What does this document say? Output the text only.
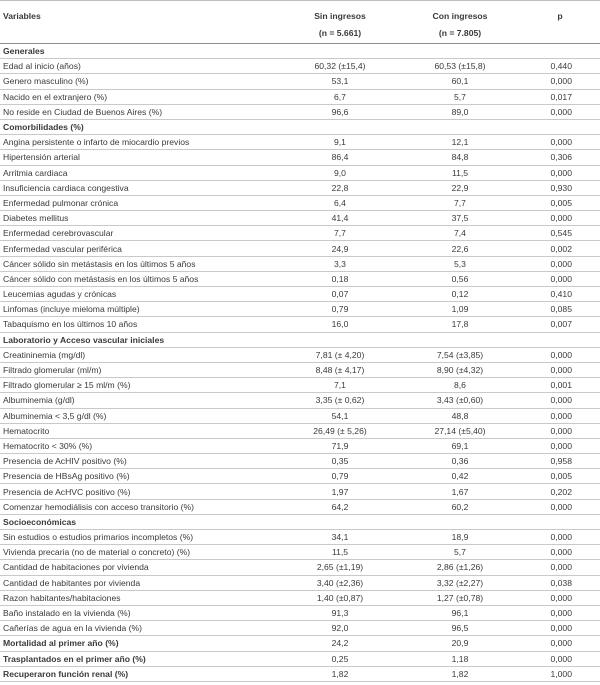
Variables	Sin ingresos	Con ingresos	p
	(n = 5.661)	(n = 7.805)	
Generales			
Edad al inicio (años)	60,32 (±15,4)	60,53 (±15,8)	0,440
Genero masculino (%)	53,1	60,1	0,000
Nacido en el extranjero (%)	6,7	5,7	0,017
No reside en Ciudad de Buenos Aires (%)	96,6	89,0	0,000
Comorbilidades (%)			
Angina persistente o infarto de miocardio previos	9,1	12,1	0,000
Hipertensión arterial	86,4	84,8	0,306
Arritmia cardiaca	9,0	11,5	0,000
Insuficiencia cardiaca congestiva	22,8	22,9	0,930
Enfermedad pulmonar crónica	6,4	7,7	0,005
Diabetes mellitus	41,4	37,5	0,000
Enfermedad cerebrovascular	7,7	7,4	0,545
Enfermedad vascular periférica	24,9	22,6	0,002
Cáncer sólido sin metástasis en los últimos 5 años	3,3	5,3	0,000
Cáncer sólido con metástasis en los últimos 5 años	0,18	0,56	0,000
Leucemias agudas y crónicas	0,07	0,12	0,410
Linfomas (incluye mieloma múltiple)	0,79	1,09	0,085
Tabaquismo en los últimos 10 años	16,0	17,8	0,007
Laboratorio y Acceso vascular iniciales			
Creatininemia (mg/dl)	7,81 (± 4,20)	7,54 (±3,85)	0,000
Filtrado glomerular (ml/m)	8,48 (± 4,17)	8,90 (±4,32)	0,000
Filtrado glomerular ≥ 15 ml/m (%)	7,1	8,6	0,001
Albuminemia (g/dl)	3,35 (± 0,62)	3,43 (±0,60)	0,000
Albuminemia < 3,5 g/dl (%)	54,1	48,8	0,000
Hematocrito	26,49 (± 5,26)	27,14 (±5,40)	0,000
Hematocrito < 30% (%)	71,9	69,1	0,000
Presencia de AcHIV positivo (%)	0,35	0,36	0,958
Presencia de HBsAg positivo (%)	0,79	0,42	0,005
Presencia de AcHVC positivo (%)	1,97	1,67	0,202
Comenzar hemodiálisis con acceso transitorio (%)	64,2	60,2	0,000
Socioeconómicas			
Sin estudios o estudios primarios incompletos (%)	34,1	18,9	0,000
Vivienda precaria (no de material o concreto) (%)	11,5	5,7	0,000
Cantidad de habitaciones por vivienda	2,65 (±1,19)	2,86 (±1,26)	0,000
Cantidad de habitantes por vivienda	3,40 (±2,36)	3,32 (±2,27)	0,038
Razon habitantes/habitaciones	1,40 (±0,87)	1,27 (±0,78)	0,000
Baño instalado en la vivienda (%)	91,3	96,1	0,000
Cañerías de agua en la vivienda (%)	92,0	96,5	0,000
Mortalidad al primer año (%)	24,2	20,9	0,000
Trasplantados en el primer año (%)	0,25	1,18	0,000
Recuperaron función renal (%)	1,82	1,82	1,000
